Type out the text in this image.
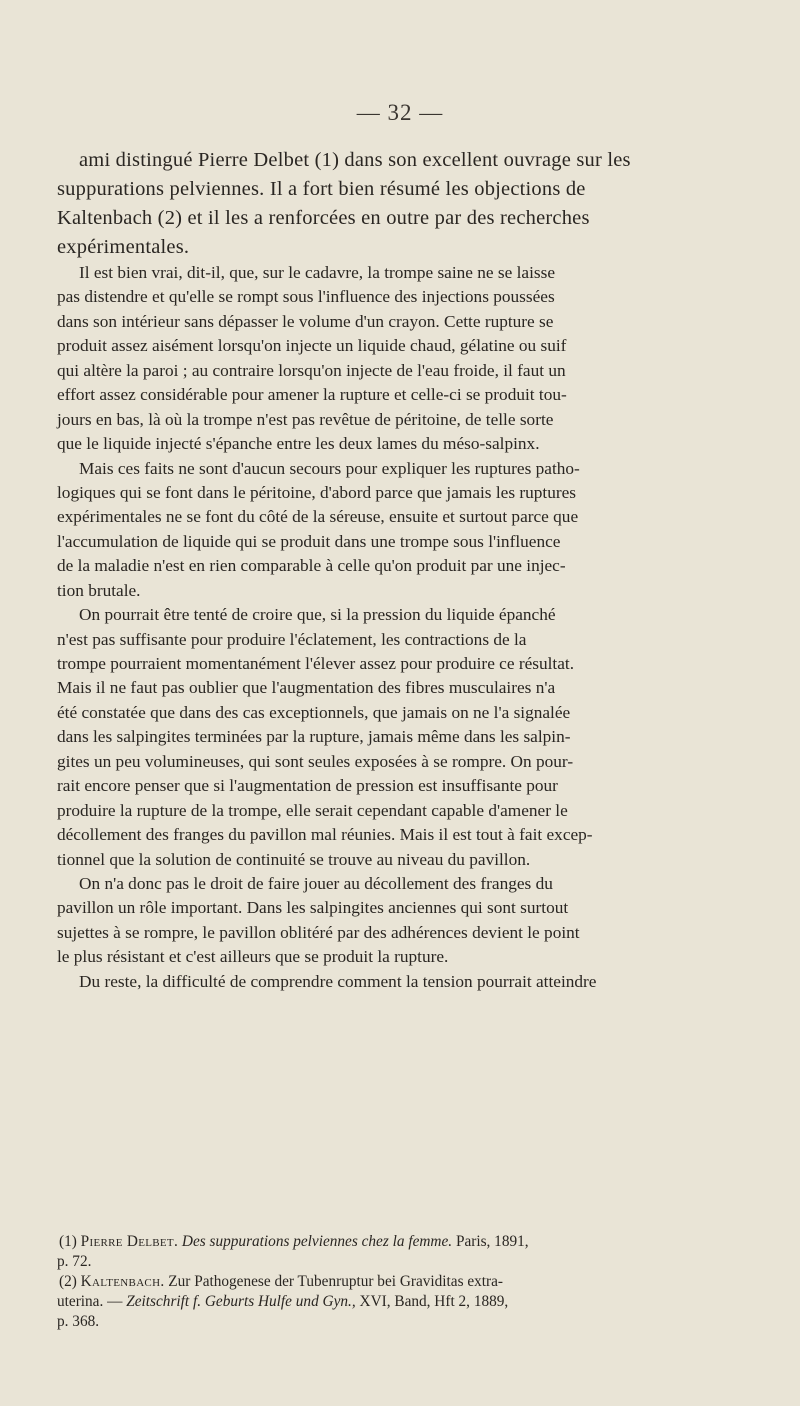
— 32 —
ami distingué Pierre Delbet (1) dans son excellent ouvrage sur les
suppurations pelviennes. Il a fort bien résumé les objections de
Kaltenbach (2) et il les a renforcées en outre par des recherches
expérimentales.
Il est bien vrai, dit-il, que, sur le cadavre, la trompe saine ne se laisse
pas distendre et qu'elle se rompt sous l'influence des injections poussées
dans son intérieur sans dépasser le volume d'un crayon. Cette rupture se
produit assez aisément lorsqu'on injecte un liquide chaud, gélatine ou suif
qui altère la paroi ; au contraire lorsqu'on injecte de l'eau froide, il faut un
effort assez considérable pour amener la rupture et celle-ci se produit tou-
jours en bas, là où la trompe n'est pas revêtue de péritoine, de telle sorte
que le liquide injecté s'épanche entre les deux lames du méso-salpinx.
Mais ces faits ne sont d'aucun secours pour expliquer les ruptures patho-
logiques qui se font dans le péritoine, d'abord parce que jamais les ruptures
expérimentales ne se font du côté de la séreuse, ensuite et surtout parce que
l'accumulation de liquide qui se produit dans une trompe sous l'influence
de la maladie n'est en rien comparable à celle qu'on produit par une injec-
tion brutale.
On pourrait être tenté de croire que, si la pression du liquide épanché
n'est pas suffisante pour produire l'éclatement, les contractions de la
trompe pourraient momentanément l'élever assez pour produire ce résultat.
Mais il ne faut pas oublier que l'augmentation des fibres musculaires n'a
été constatée que dans des cas exceptionnels, que jamais on ne l'a signalée
dans les salpingites terminées par la rupture, jamais même dans les salpin-
gites un peu volumineuses, qui sont seules exposées à se rompre. On pour-
rait encore penser que si l'augmentation de pression est insuffisante pour
produire la rupture de la trompe, elle serait cependant capable d'amener le
décollement des franges du pavillon mal réunies. Mais il est tout à fait excep-
tionnel que la solution de continuité se trouve au niveau du pavillon.
On n'a donc pas le droit de faire jouer au décollement des franges du
pavillon un rôle important. Dans les salpingites anciennes qui sont surtout
sujettes à se rompre, le pavillon oblitéré par des adhérences devient le point
le plus résistant et c'est ailleurs que se produit la rupture.
Du reste, la difficulté de comprendre comment la tension pourrait atteindre
(1) Pierre Delbet. Des suppurations pelviennes chez la femme. Paris, 1891,
p. 72.
(2) Kaltenbach. Zur Pathogenese der Tubenruptur bei Graviditas extra-
uterina. — Zeitschrift f. Geburts Hulfe und Gyn., XVI, Band, Hft 2, 1889,
p. 368.
